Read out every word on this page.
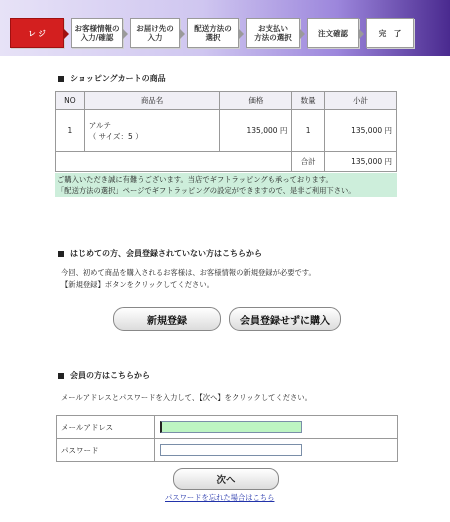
レ ジ	お客様情報の
入力/確認
お届け先の
入力
配送方法の
選択
お支払い
方法の選択	注文確認	完　了
ショッピングカートの商品
NO	商品名	価格	数量	小計
1	アルテ
（ サイズ：5 ）	135,000 円	1	135,000 円
			合計	135,000 円
ご購入いただき誠に有難うございます。当店でギフトラッピングも承っております。
「配送方法の選択」ページでギフトラッピングの設定ができますので、是非ご利用下さい。
はじめての方、会員登録されていない方はこちらから
今回、初めて商品を購入されるお客様は、お客様情報の新規登録が必要です。
【新規登録】ボタンをクリックしてください。
新規登録	会員登録せずに購入
会員の方はこちらから
メールアドレスとパスワードを入力して、【次へ】をクリックしてください。
メールアドレス	

パスワード	
次へ
パスワードを忘れた場合はこちら
